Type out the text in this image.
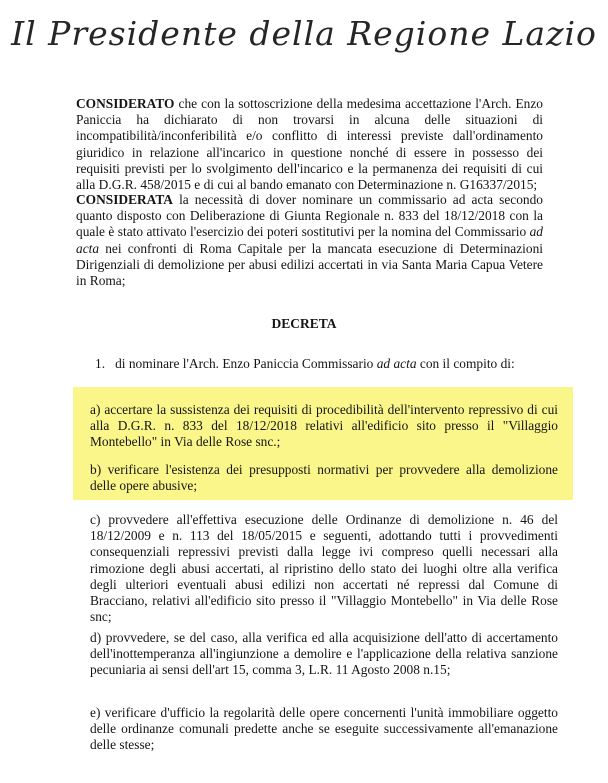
Il Presidente della Regione Lazio
CONSIDERATO che con la sottoscrizione della medesima accettazione l'Arch. Enzo Paniccia ha dichiarato di non trovarsi in alcuna delle situazioni di incompatibilità/inconferibilità e/o conflitto di interessi previste dall'ordinamento giuridico in relazione all'incarico in questione nonché di essere in possesso dei requisiti previsti per lo svolgimento dell'incarico e la permanenza dei requisiti di cui alla D.G.R. 458/2015 e di cui al bando emanato con Determinazione n. G16337/2015;
CONSIDERATA la necessità di dover nominare un commissario ad acta secondo quanto disposto con Deliberazione di Giunta Regionale n. 833 del 18/12/2018 con la quale è stato attivato l'esercizio dei poteri sostitutivi per la nomina del Commissario ad acta nei confronti di Roma Capitale per la mancata esecuzione di Determinazioni Dirigenziali di demolizione per abusi edilizi accertati in via Santa Maria Capua Vetere in Roma;
DECRETA
1. di nominare l'Arch. Enzo Paniccia Commissario ad acta con il compito di:
a) accertare la sussistenza dei requisiti di procedibilità dell'intervento repressivo di cui alla D.G.R. n. 833 del 18/12/2018 relativi all'edificio sito presso il "Villaggio Montebello" in Via delle Rose snc.;
b) verificare l'esistenza dei presupposti normativi per provvedere alla demolizione delle opere abusive;
c) provvedere all'effettiva esecuzione delle Ordinanze di demolizione n. 46 del 18/12/2009 e n. 113 del 18/05/2015 e seguenti, adottando tutti i provvedimenti consequenziali repressivi previsti dalla legge ivi compreso quelli necessari alla rimozione degli abusi accertati, al ripristino dello stato dei luoghi oltre alla verifica degli ulteriori eventuali abusi edilizi non accertati né repressi dal Comune di Bracciano, relativi all'edificio sito presso il "Villaggio Montebello" in Via delle Rose snc;
d) provvedere, se del caso, alla verifica ed alla acquisizione dell'atto di accertamento dell'inottemperanza all'ingiunzione a demolire e l'applicazione della relativa sanzione pecuniaria ai sensi dell'art 15, comma 3, L.R. 11 Agosto 2008 n.15;
e) verificare d'ufficio la regolarità delle opere concernenti l'unità immobiliare oggetto delle ordinanze comunali predette anche se eseguite successivamente all'emanazione delle stesse;
